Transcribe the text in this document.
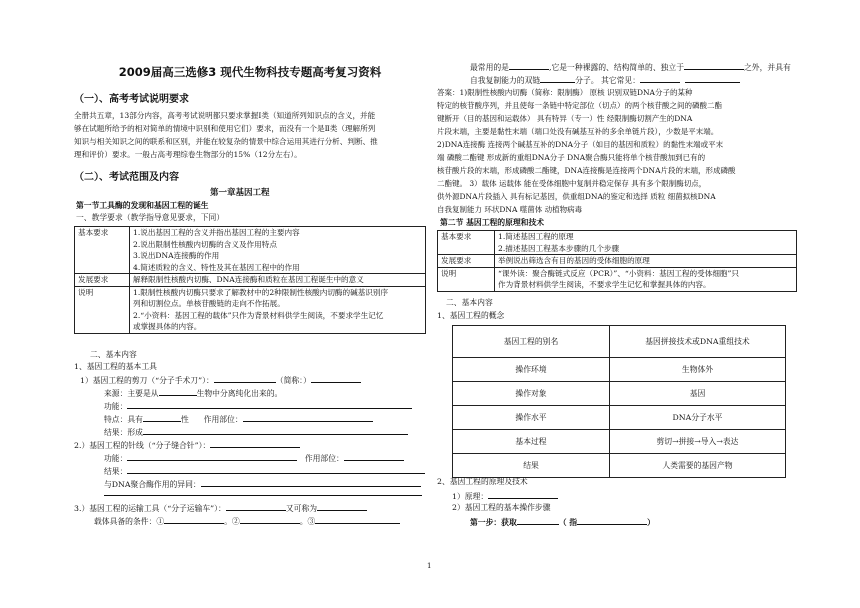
2009届高三选修3 现代生物科技专题高考复习资料
（一）、高考考试说明要求
全册共五章，13部分内容，高考考试说明都只要求掌握Ⅰ类（知道所列知识点的含义，并能
够在试题所给予的相对简单的情境中识别和使用它们）要求，而没有一个是Ⅱ类（理解所列
知识与相关知识之间的联系和区别，并能在较复杂的情景中综合运用其进行分析、判断、推
理和评价）要求。一般占高考理综卷生物部分的15%（12分左右）。
（二）、考试范围及内容
第一章基因工程
第一节工具酶的发现和基因工程的诞生
一、教学要求（教学指导意见要求，下同）
基本要求	1.说出基因工程的含义并指出基因工程的主要内容
2.说出限制性核酸内切酶的含义及作用特点
3.说出DNA连接酶的作用
4.简述质粒的含义、特性及其在基因工程中的作用

发展要求	解释限制性核酸内切酶、DNA连接酶和质粒在基因工程诞生中的意义
说明	1.限制性核酸内切酶只要求了解教材中的2种限制性核酸内切酶的碱基识别序
列和切割位点。单核苷酸链的走向不作拓展。
2.“小资料：基因工程的载体”只作为背景材料供学生阅读，不要求学生记忆
或掌握具体的内容。
二、基本内容
1、基因工程的基本工具
1）基因工程的剪刀（“分子手术刀”）：	（简称：）
来源：主要是从	生物中分离纯化出来的。
功能：
特点：具有	性 作用部位：
结果：形成
2.）基因工程的针线（“分子缝合针”）：
功能：	作用部位：
结果：
与DNA聚合酶作用的异同：
3.）基因工程的运输工具（“分子运输车”）：	又可称为
载体具备的条件：①	。②	。③
最常用的是	,它是一种裸露的、结构简单的、独立于	之外，并具有
自我复制能力的双链	分子。 其它常见：
答案：1)限制性核酸内切酶（简称：限制酶） 原核 识别双链DNA分子的某种
特定的核苷酸序列，并且使每一条链中特定部位（切点）的两个核苷酸之间的磷酸二酯
键断开（目的基因和运载体） 具有特异（专一）性 经限制酶切割产生的DNA
片段末端，主要是黏性末端（端口处没有碱基互补的多余单链片段），少数是平末端。
2)DNA连接酶 连接两个碱基互补的DNA分子（如目的基因和质粒）的黏性末端或平末
端 磷酸二酯键 形成新的重组DNA分子 DNA聚合酶只能将单个核苷酸加到已有的
核苷酸片段的末端，形成磷酸二酯键，DNA连接酶是连接两个DNA片段的末端，形成磷酸
二酯键。 3）载体 运载体 能在受体细胞中复制并稳定保存 具有多个限制酶切点，
供外源DNA片段插入 具有标记基因，供重组DNA的鉴定和选择 质粒 细菌拟核DNA
自我复制能力 环状DNA 噬菌体 动植物病毒
第二节 基因工程的原理和技术
基本要求	1.简述基因工程的原理
2.描述基因工程基本步骤的几个步骤

发展要求	举例说出筛选含有目的基因的受体细胞的原理
说明	“课外读：聚合酶链式反应（PCR）”、“小资料：基因工程的受体细胞”只
作为背景材料供学生阅读，不要求学生记忆和掌握具体的内容。
二、基本内容
1、基因工程的概念
基因工程的别名	基因拼接技术或DNA重组技术
操作环境	生物体外
操作对象	基因
操作水平	DNA分子水平
基本过程	剪切→拼接→导入→表达
结果	人类需要的基因产物
2、基因工程的原理及技术
1）原理：
2）基因工程的基本操作步骤
第一步：获取	（ 指	）
1
